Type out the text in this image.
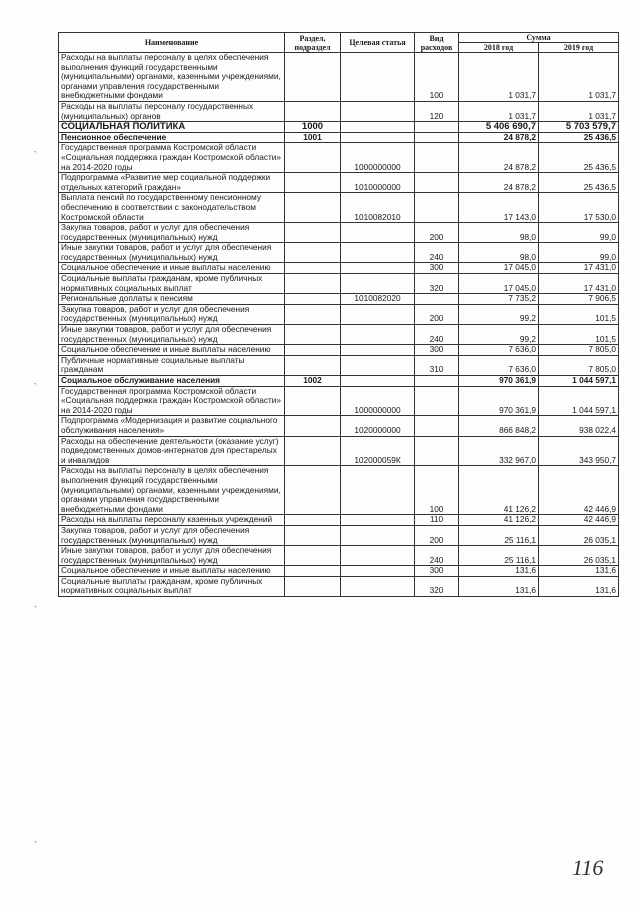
Наименование	Раздел, подраздел	Целевая статья	Вид расходов	Сумма	
				2018 год	2019 год
Расходы на выплаты персоналу в целях обеспечения выполнения функций государственными (муниципальными) органами, казенными учреждениями, органами управления государственными внебюджетными фондами			100	1 031,7	1 031,7
Расходы на выплаты персоналу государственных (муниципальных) органов			120	1 031,7	1 031,7
СОЦИАЛЬНАЯ ПОЛИТИКА	1000			5 406 690,7	5 703 579,7
Пенсионное обеспечение	1001			24 878,2	25 436,5
Государственная программа Костромской области «Социальная поддержка граждан Костромской области» на 2014-2020 годы		1000000000		24 878,2	25 436,5
Подпрограмма «Развитие мер социальной поддержки отдельных категорий граждан»		1010000000		24 878,2	25 436,5
Выплата пенсий по государственному пенсионному обеспечению в соответствии с законодательством Костромской области		1010082010		17 143,0	17 530,0
Закупка товаров, работ и услуг для обеспечения государственных (муниципальных) нужд			200	98,0	99,0
Иные закупки товаров, работ и услуг для обеспечения государственных (муниципальных) нужд			240	98,0	99,0
Социальное обеспечение и иные выплаты населению			300	17 045,0	17 431,0
Социальные выплаты гражданам, кроме публичных нормативных социальных выплат			320	17 045,0	17 431,0
Региональные доплаты к пенсиям		1010082020		7 735,2	7 906,5
Закупка товаров, работ и услуг для обеспечения государственных (муниципальных) нужд			200	99,2	101,5
Иные закупки товаров, работ и услуг для обеспечения государственных (муниципальных) нужд			240	99,2	101,5
Социальное обеспечение и иные выплаты населению			300	7 636,0	7 805,0
Публичные нормативные социальные выплаты гражданам			310	7 636,0	7 805,0
Социальное обслуживание населения	1002			970 361,9	1 044 597,1
Государственная программа Костромской области «Социальная поддержка граждан Костромской области» на 2014-2020 годы		1000000000		970 361,9	1 044 597,1
Подпрограмма «Модернизация и развитие социального обслуживания населения»		1020000000		866 848,2	938 022,4
Расходы на обеспечение деятельности (оказание услуг) подведомственных домов-интернатов для престарелых и инвалидов		102000059К		332 967,0	343 950,7
Расходы на выплаты персоналу в целях обеспечения выполнения функций государственными (муниципальными) органами, казенными учреждениями, органами управления государственными внебюджетными фондами			100	41 126,2	42 446,9
Расходы на выплаты персоналу казенных учреждений			110	41 126,2	42 446,9
Закупка товаров, работ и услуг для обеспечения государственных (муниципальных) нужд			200	25 116,1	26 035,1
Иные закупки товаров, работ и услуг для обеспечения государственных (муниципальных) нужд			240	25 116,1	26 035,1
Социальное обеспечение и иные выплаты населению			300	131,6	131,6
Социальные выплаты гражданам, кроме публичных нормативных социальных выплат			320	131,6	131,6
`
`
`
`
116
